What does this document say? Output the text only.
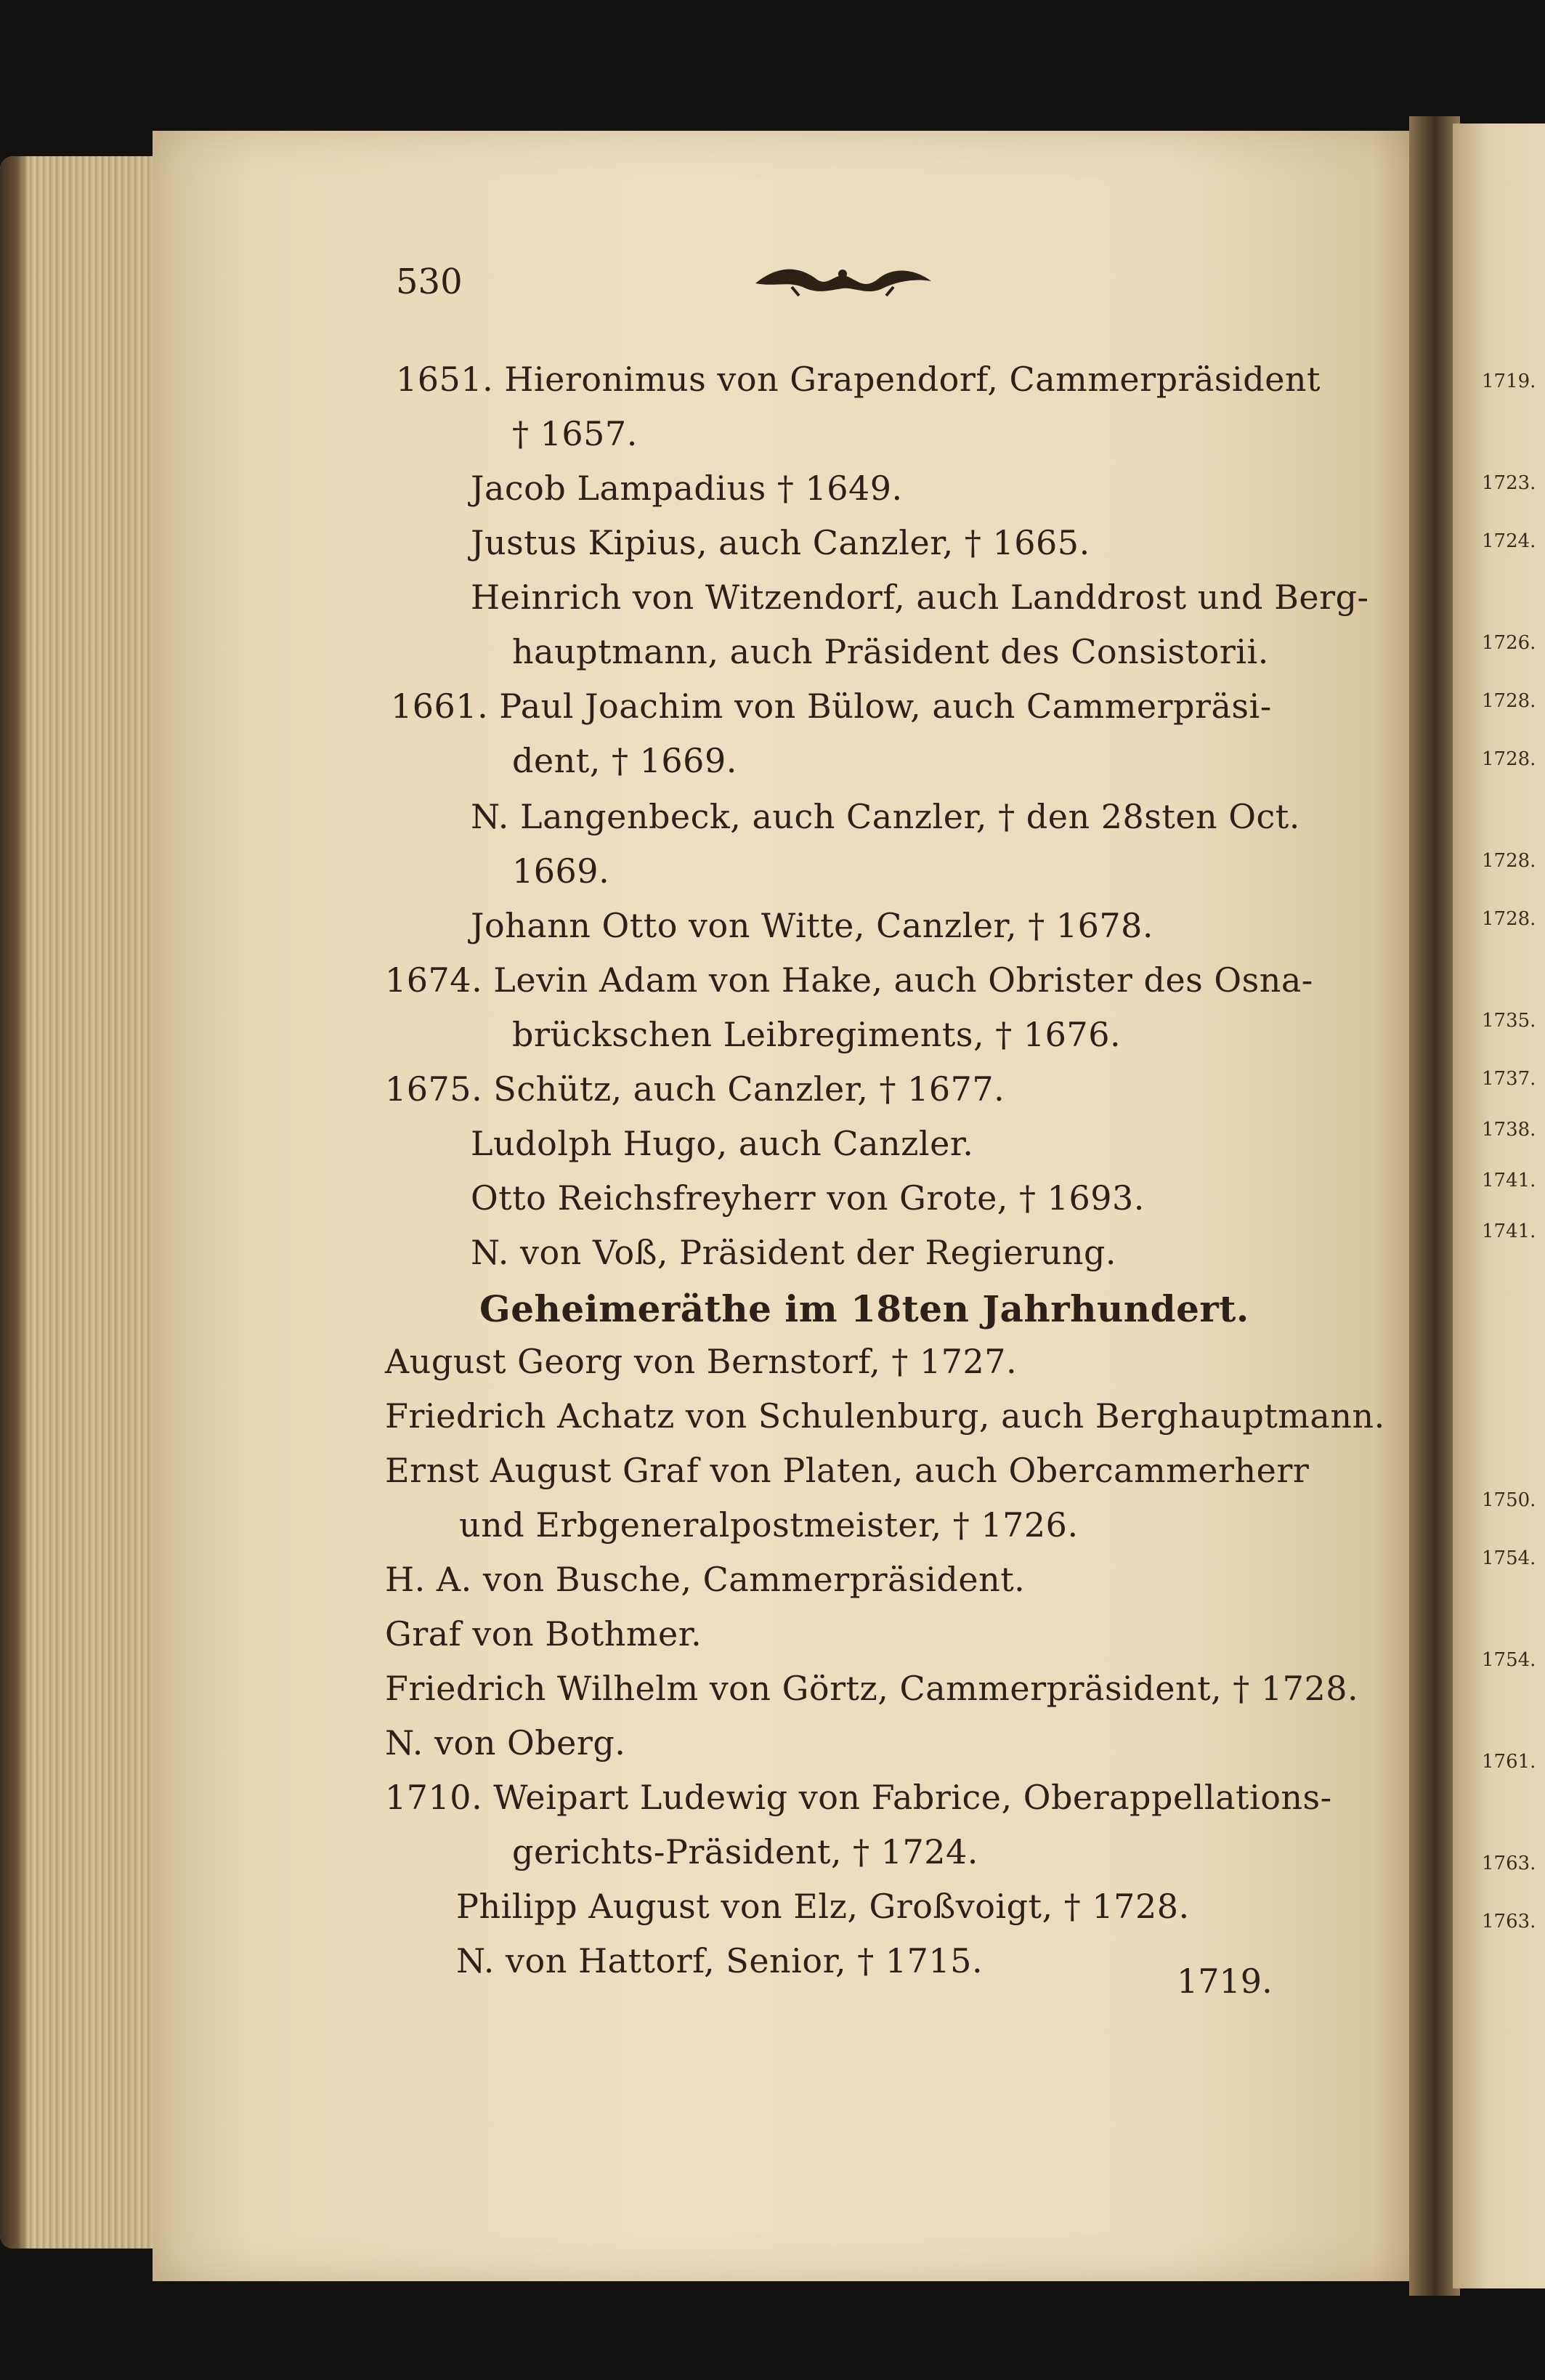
530
1651. Hieronimus von Grapendorf, Cammerpräsident
† 1657.
Jacob Lampadius † 1649.
Justus Kipius, auch Canzler, † 1665.
Heinrich von Witzendorf, auch Landdrost und Berg-
hauptmann, auch Präsident des Consistorii.
1661. Paul Joachim von Bülow, auch Cammerpräsi-
dent, † 1669.
N. Langenbeck, auch Canzler, † den 28sten Oct.
1669.
Johann Otto von Witte, Canzler, † 1678.
1674. Levin Adam von Hake, auch Obrister des Osna-
brückschen Leibregiments, † 1676.
1675. Schütz, auch Canzler, † 1677.
Ludolph Hugo, auch Canzler.
Otto Reichsfreyherr von Grote, † 1693.
N. von Voß, Präsident der Regierung.
Geheimeräthe im 18ten Jahrhundert.
August Georg von Bernstorf, † 1727.
Friedrich Achatz von Schulenburg, auch Berghauptmann.
Ernst August Graf von Platen, auch Obercammerherr
und Erbgeneralpostmeister, † 1726.
H. A. von Busche, Cammerpräsident.
Graf von Bothmer.
Friedrich Wilhelm von Görtz, Cammerpräsident, † 1728.
N. von Oberg.
1710. Weipart Ludewig von Fabrice, Oberappellations-
gerichts-Präsident, † 1724.
Philipp August von Elz, Großvoigt, † 1728.
N. von Hattorf, Senior, † 1715.
1719.
1719.
1723.
1724.
1726.
1728.
1728.
1728.
1728.
1735.
1737.
1738.
1741.
1741.
1750.
1754.
1754.
1761.
1763.
1763.
